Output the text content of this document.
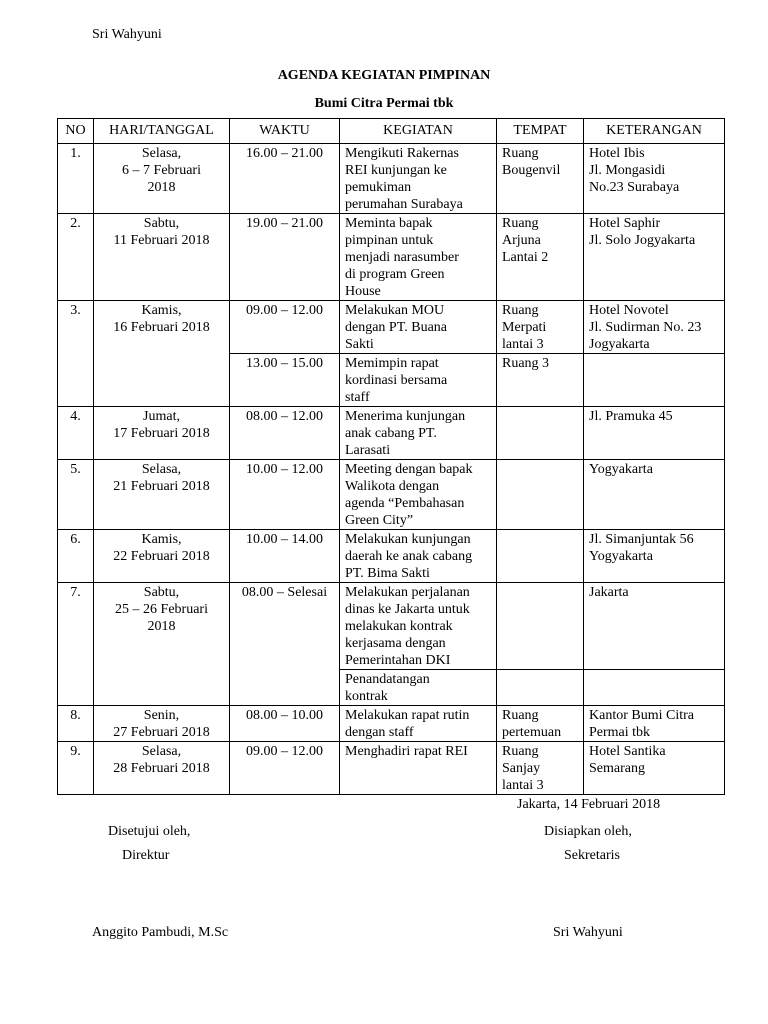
Sri Wahyuni
AGENDA KEGIATAN PIMPINAN
Bumi Citra Permai tbk
NO	HARI/TANGGAL	WAKTU	KEGIATAN	TEMPAT	KETERANGAN
1.	Selasa,
6 – 7 Februari
2018	16.00 – 21.00	Mengikuti Rakernas
REI kunjungan ke
pemukiman
perumahan Surabaya	Ruang
Bougenvil	Hotel Ibis
Jl. Mongasidi
No.23 Surabaya
2.	Sabtu,
11 Februari 2018	19.00 – 21.00	Meminta bapak
pimpinan untuk
menjadi narasumber
di program Green
House	Ruang
Arjuna
Lantai 2	Hotel Saphir
Jl. Solo Jogyakarta
3.	Kamis,
16 Februari 2018	09.00 – 12.00	Melakukan MOU
dengan PT. Buana
Sakti	Ruang
Merpati
lantai 3	Hotel Novotel
Jl. Sudirman No. 23
Jogyakarta
		13.00 – 15.00	Memimpin rapat
kordinasi bersama
staff	Ruang 3	
4.	Jumat,
17 Februari 2018	08.00 – 12.00	Menerima kunjungan
anak cabang PT.
Larasati		Jl. Pramuka 45
5.	Selasa,
21 Februari 2018	10.00 – 12.00	Meeting dengan bapak
Walikota dengan
agenda “Pembahasan
Green City”		Yogyakarta
6.	Kamis,
22 Februari 2018	10.00 – 14.00	Melakukan kunjungan
daerah ke anak cabang
PT. Bima Sakti		Jl. Simanjuntak 56
Yogyakarta
7.	Sabtu,
25 – 26 Februari
2018	08.00 – Selesai	Melakukan perjalanan
dinas ke Jakarta untuk
melakukan kontrak
kerjasama dengan
Pemerintahan DKI		Jakarta
			Penandatangan
kontrak		
8.	Senin,
27 Februari 2018	08.00 – 10.00	Melakukan rapat rutin
dengan staff	Ruang
pertemuan	Kantor Bumi Citra
Permai tbk
9.	Selasa,
28 Februari 2018	09.00 – 12.00	Menghadiri rapat REI	Ruang
Sanjay
lantai 3	Hotel Santika
Semarang
Jakarta, 14 Februari 2018
Disetujui oleh,
Direktur
Disiapkan oleh,
Sekretaris
Anggito Pambudi, M.Sc	Sri Wahyuni
